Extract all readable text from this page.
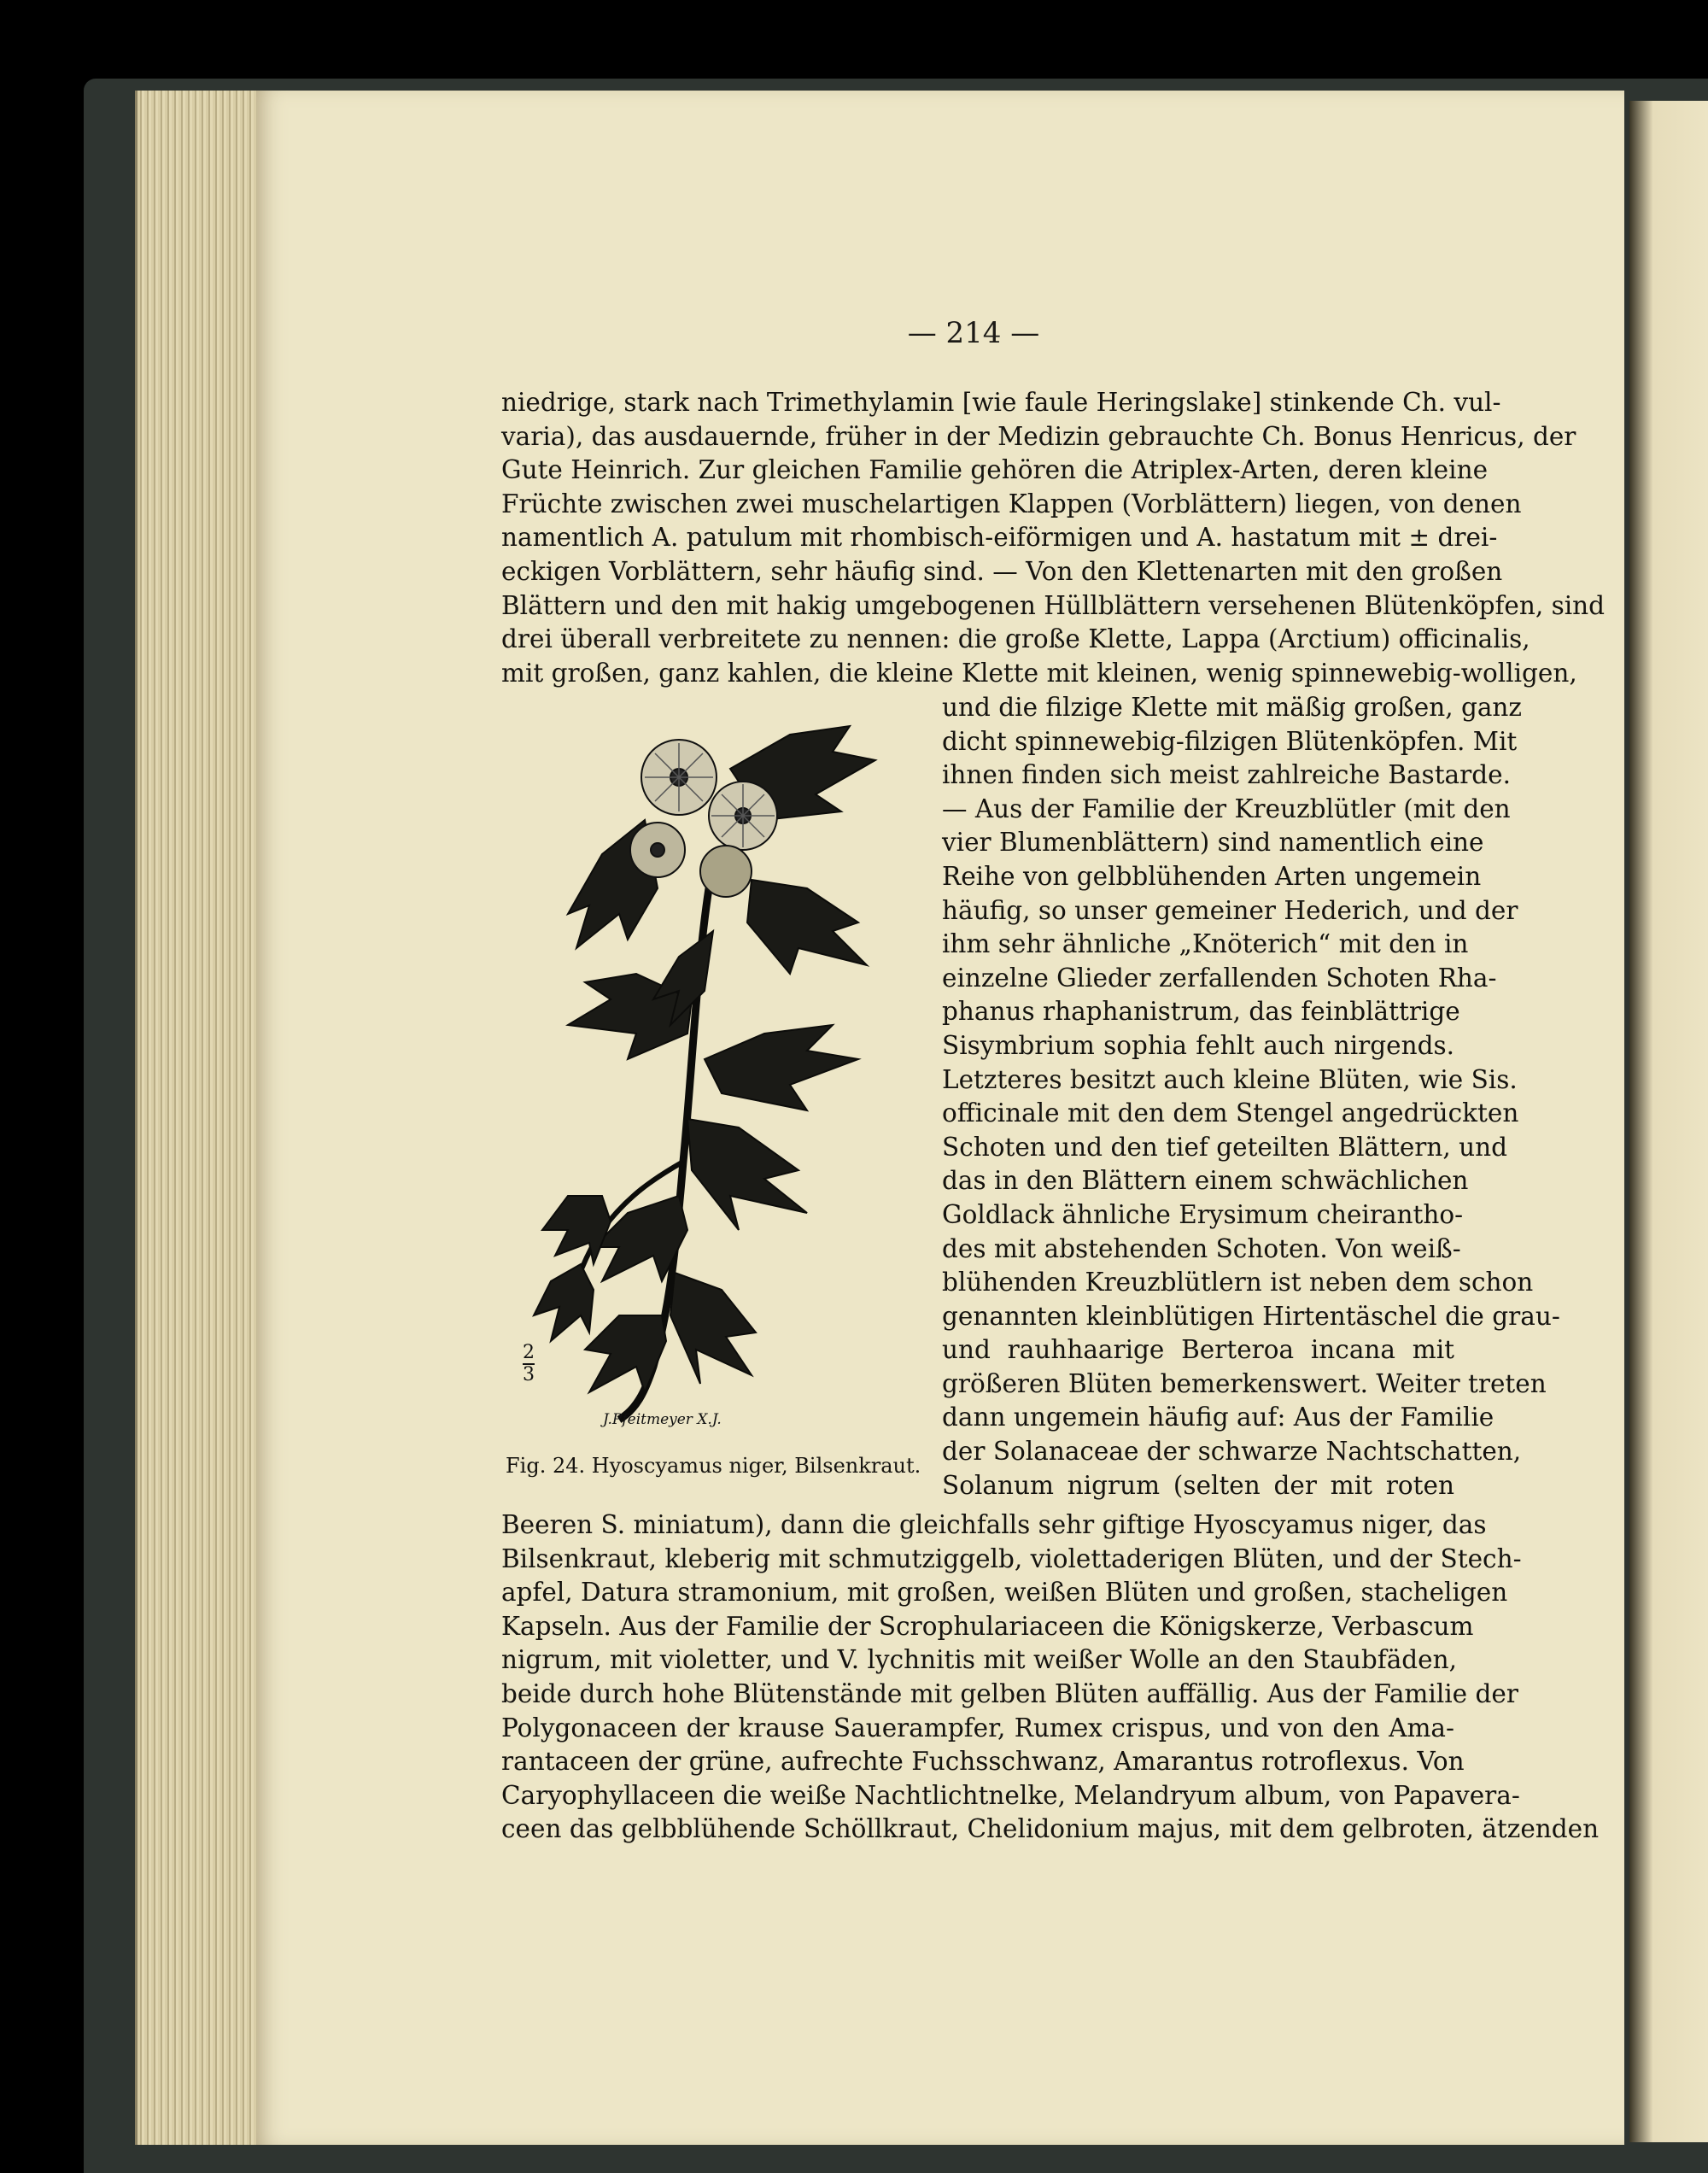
— 214 —
niedrige, stark nach Trimethylamin [wie faule Heringslake] stinkende Ch. vul-
varia), das ausdauernde, früher in der Medizin gebrauchte Ch. Bonus Henricus, der
Gute Heinrich. Zur gleichen Familie gehören die Atriplex-Arten, deren kleine
Früchte zwischen zwei muschelartigen Klappen (Vorblättern) liegen, von denen
namentlich A. patulum mit rhombisch-eiförmigen und A. hastatum mit ± drei-
eckigen Vorblättern, sehr häufig sind. — Von den Klettenarten mit den großen
Blättern und den mit hakig umgebogenen Hüllblättern versehenen Blütenköpfen, sind
drei überall verbreitete zu nennen: die große Klette, Lappa (Arctium) officinalis,
mit großen, ganz kahlen, die kleine Klette mit kleinen, wenig spinnewebig-wolligen,
und die filzige Klette mit mäßig großen, ganz
dicht spinnewebig-filzigen Blütenköpfen. Mit
ihnen finden sich meist zahlreiche Bastarde.
— Aus der Familie der Kreuzblütler (mit den
vier Blumenblättern) sind namentlich eine
Reihe von gelbblühenden Arten ungemein
häufig, so unser gemeiner Hederich, und der
ihm sehr ähnliche „Knöterich“ mit den in
einzelne Glieder zerfallenden Schoten Rha-
phanus rhaphanistrum, das feinblättrige
Sisymbrium sophia fehlt auch nirgends.
Letzteres besitzt auch kleine Blüten, wie Sis.
officinale mit den dem Stengel angedrückten
Schoten und den tief geteilten Blättern, und
das in den Blättern einem schwächlichen
Goldlack ähnliche Erysimum cheirantho-
des mit abstehenden Schoten. Von weiß-
blühenden Kreuzblütlern ist neben dem schon
genannten kleinblütigen Hirtentäschel die grau-
und rauhhaarige Berteroa incana mit
größeren Blüten bemerkenswert. Weiter treten
dann ungemein häufig auf: Aus der Familie
der Solanaceae der schwarze Nachtschatten,
Solanum nigrum (selten der mit roten
Beeren S. miniatum), dann die gleichfalls sehr giftige Hyoscyamus niger, das
Bilsenkraut, kleberig mit schmutziggelb, violettaderigen Blüten, und der Stech-
apfel, Datura stramonium, mit großen, weißen Blüten und großen, stacheligen
Kapseln. Aus der Familie der Scrophulariaceen die Königskerze, Verbascum
nigrum, mit violetter, und V. lychnitis mit weißer Wolle an den Staubfäden,
beide durch hohe Blütenstände mit gelben Blüten auffällig. Aus der Familie der
Polygonaceen der krause Sauerampfer, Rumex crispus, und von den Ama-
rantaceen der grüne, aufrechte Fuchsschwanz, Amarantus rotroflexus. Von
Caryophyllaceen die weiße Nachtlichtnelke, Melandryum album, von Papavera-
ceen das gelbblühende Schöllkraut, Chelidonium majus, mit dem gelbroten, ätzenden
2
3
J.Pfeitmeyer X.J.
Fig. 24. Hyoscyamus niger, Bilsenkraut.
